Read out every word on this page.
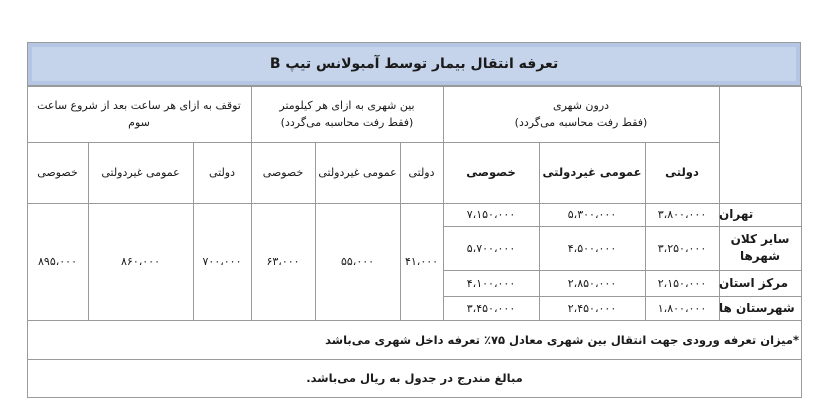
تعرفه انتقال بیمار توسط آمبولانس تیپ B
درون شهری
(فقط رفت محاسبه می‌گردد)
بین شهری به ازای هر کیلومتر
(فقط رفت محاسبه می‌گردد)
توقف به ازای هر ساعت بعد از شروع ساعت سوم
دولتی
عمومی غیردولتی
خصوصی
دولتی
عمومی غیردولتی
خصوصی
دولتی
عمومی غیردولتی
خصوصی
تهران
۳،۸۰۰،۰۰۰
۵،۳۰۰،۰۰۰
۷،۱۵۰،۰۰۰
سایر کلان شهرها
۳،۲۵۰،۰۰۰
۴،۵۰۰،۰۰۰
۵،۷۰۰،۰۰۰
مرکز استان
۲،۱۵۰،۰۰۰
۲،۸۵۰،۰۰۰
۴،۱۰۰،۰۰۰
شهرستان ها
۱،۸۰۰،۰۰۰
۲،۴۵۰،۰۰۰
۳،۴۵۰،۰۰۰
۴۱،۰۰۰
۵۵،۰۰۰
۶۳،۰۰۰
۷۰۰،۰۰۰
۸۶۰،۰۰۰
۸۹۵،۰۰۰
*میزان تعرفه ورودی جهت انتقال بین شهری معادل ۷۵٪ تعرفه داخل شهری می‌باشد
مبالغ مندرج در جدول به ریال می‌باشد.
